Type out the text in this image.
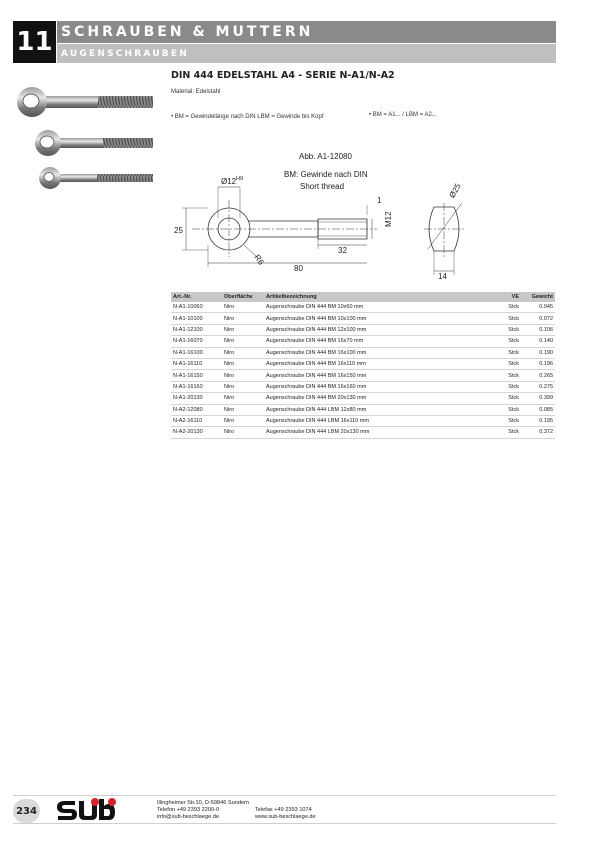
11 SCHRAUBEN & MUTTERN
AUGENSCHRAUBEN
DIN 444 EDELSTAHL A4 - SERIE N-A1/N-A2
Material: Edelstahl
• BM = Gewindelänge nach DIN LBM = Gewinde bis Kopf	• BM = A1... / LBM = A2...
Abb. A1-12080
BM: Gewinde nach DIN
Short thread
25
Ø12 H9
80
32
M12
1
R6
Ø25
14
Art.-Nr.	Oberfläche	Artikelbezeichnung	VE	Gewicht
N-A1-10060	Niro	Augenschraube DIN 444 BM 10x60 mm	Stck	0.045
N-A1-10100	Niro	Augenschraube DIN 444 BM 10x100 mm	Stck	0.072
N-A1-12100	Niro	Augenschraube DIN 444 BM 12x100 mm	Stck	0.106
N-A1-16070	Niro	Augenschraube DIN 444 BM 16x70 mm	Stck	0.140
N-A1-16100	Niro	Augenschraube DIN 444 BM 16x100 mm	Stck	0.190
N-A1-16110	Niro	Augenschraube DIN 444 BM 16x110 mm	Stck	0.196
N-A1-16150	Niro	Augenschraube DIN 444 BM 16x150 mm	Stck	0.265
N-A1-16160	Niro	Augenschraube DIN 444 BM 16x160 mm	Stck	0.275
N-A1-20130	Niro	Augenschraube DIN 444 BM 20x130 mm	Stck	0.399
N-A2-12080	Niro	Augenschraube DIN 444 LBM 12x80 mm	Stck	0.085
N-A2-16110	Niro	Augenschraube DIN 444 LBM 16x110 mm	Stck	0.195
N-A2-20130	Niro	Augenschraube DIN 444 LBM 20x130 mm	Stck	0.372
234
Illingheimer Str.10, D-59846 Sundern
Telefon +49 2393 2200-0
info@sub-beschlaege.de
Telefax +49 2393 1074
www.sub-beschlaege.de
